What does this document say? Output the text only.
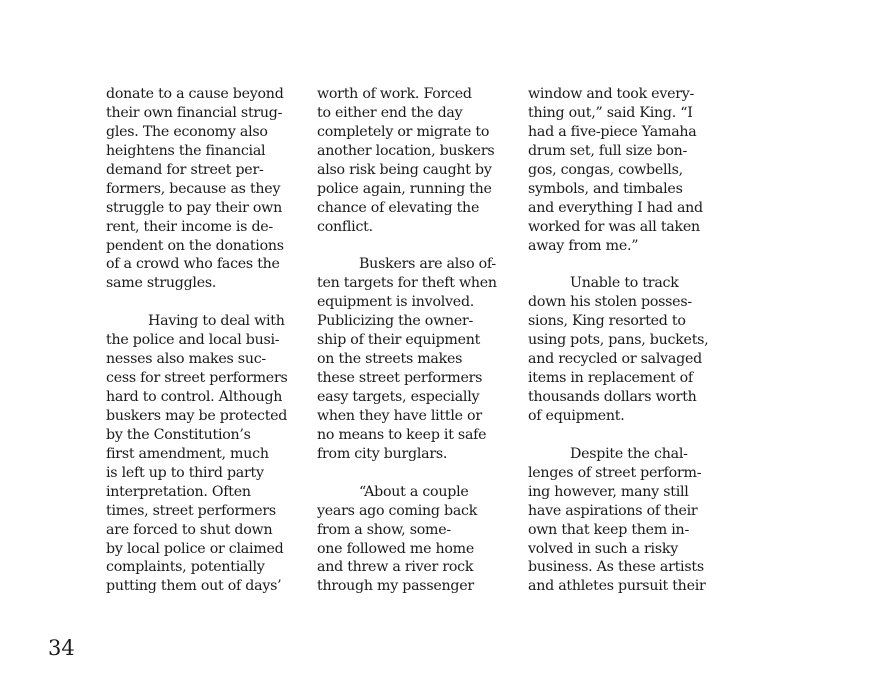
donate to a cause beyond
their own financial strug-
gles. The economy also
heightens the financial
demand for street per-
formers, because as they
struggle to pay their own
rent, their income is de-
pendent on the donations
of a crowd who faces the
same struggles.
Having to deal with
the police and local busi-
nesses also makes suc-
cess for street performers
hard to control. Although
buskers may be protected
by the Constitution’s
first amendment, much
is left up to third party
interpretation. Often
times, street performers
are forced to shut down
by local police or claimed
complaints, potentially
putting them out of days’
worth of work. Forced
to either end the day
completely or migrate to
another location, buskers
also risk being caught by
police again, running the
chance of elevating the
conflict.
Buskers are also of-
ten targets for theft when
equipment is involved.
Publicizing the owner-
ship of their equipment
on the streets makes
these street performers
easy targets, especially
when they have little or
no means to keep it safe
from city burglars.
“About a couple
years ago coming back
from a show, some-
one followed me home
and threw a river rock
through my passenger
window and took every-
thing out,” said King. “I
had a five-piece Yamaha
drum set, full size bon-
gos, congas, cowbells,
symbols, and timbales
and everything I had and
worked for was all taken
away from me.”
Unable to track
down his stolen posses-
sions, King resorted to
using pots, pans, buckets,
and recycled or salvaged
items in replacement of
thousands dollars worth
of equipment.
Despite the chal-
lenges of street perform-
ing however, many still
have aspirations of their
own that keep them in-
volved in such a risky
business. As these artists
and athletes pursuit their
34
